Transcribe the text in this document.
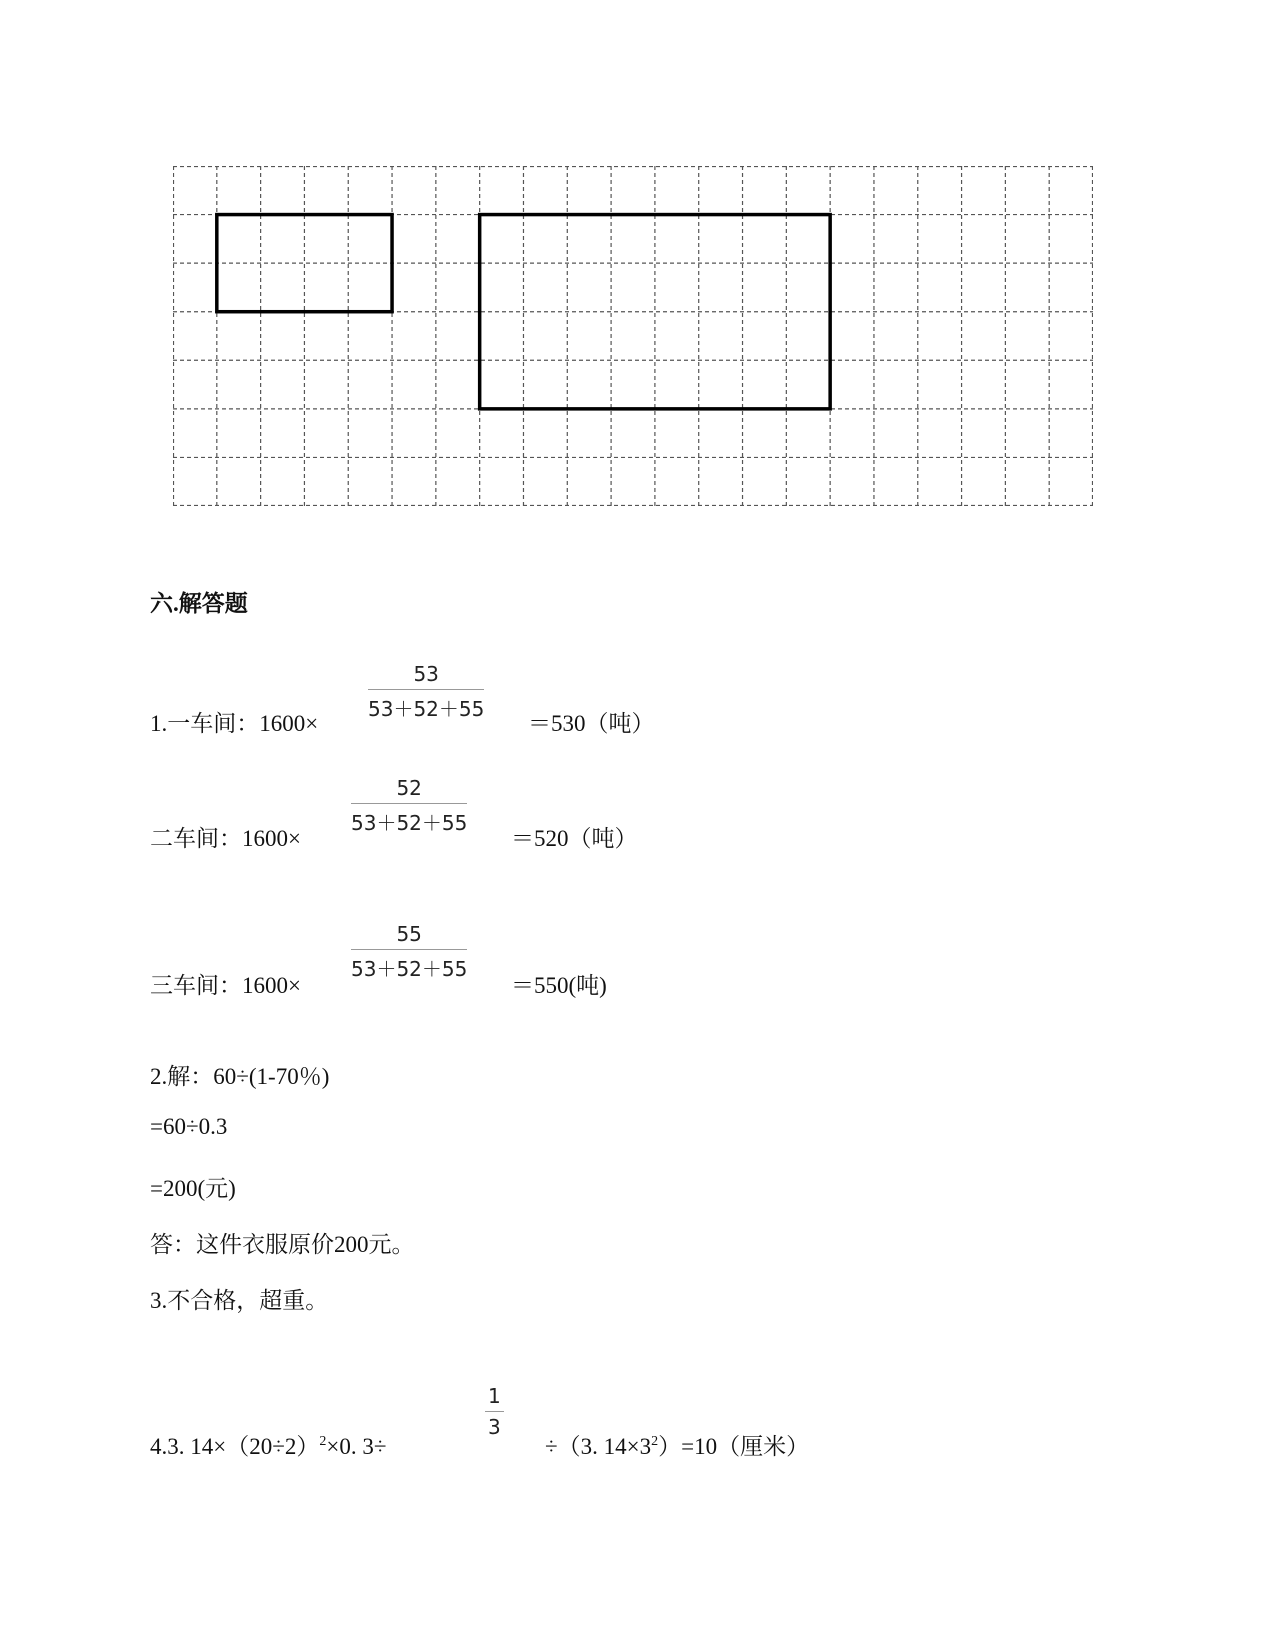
六.解答题
1.一车间：1600×
$\frac{53}{53+52+55}$
＝530（吨）
二车间：1600×
$\frac{52}{53+52+55}$
＝520（吨）
三车间：1600×
$\frac{55}{53+52+55}$
＝550(吨)
2.解：60÷(1-70％)
=60÷0.3
=200(元)
答：这件衣服原价200元。
3.不合格，超重。
4.3. $14\times(20\div 2)^2\times 0$. 3÷
$\frac{1}{3}$
÷（3. $14\times 3^2)=10$（厘米）
